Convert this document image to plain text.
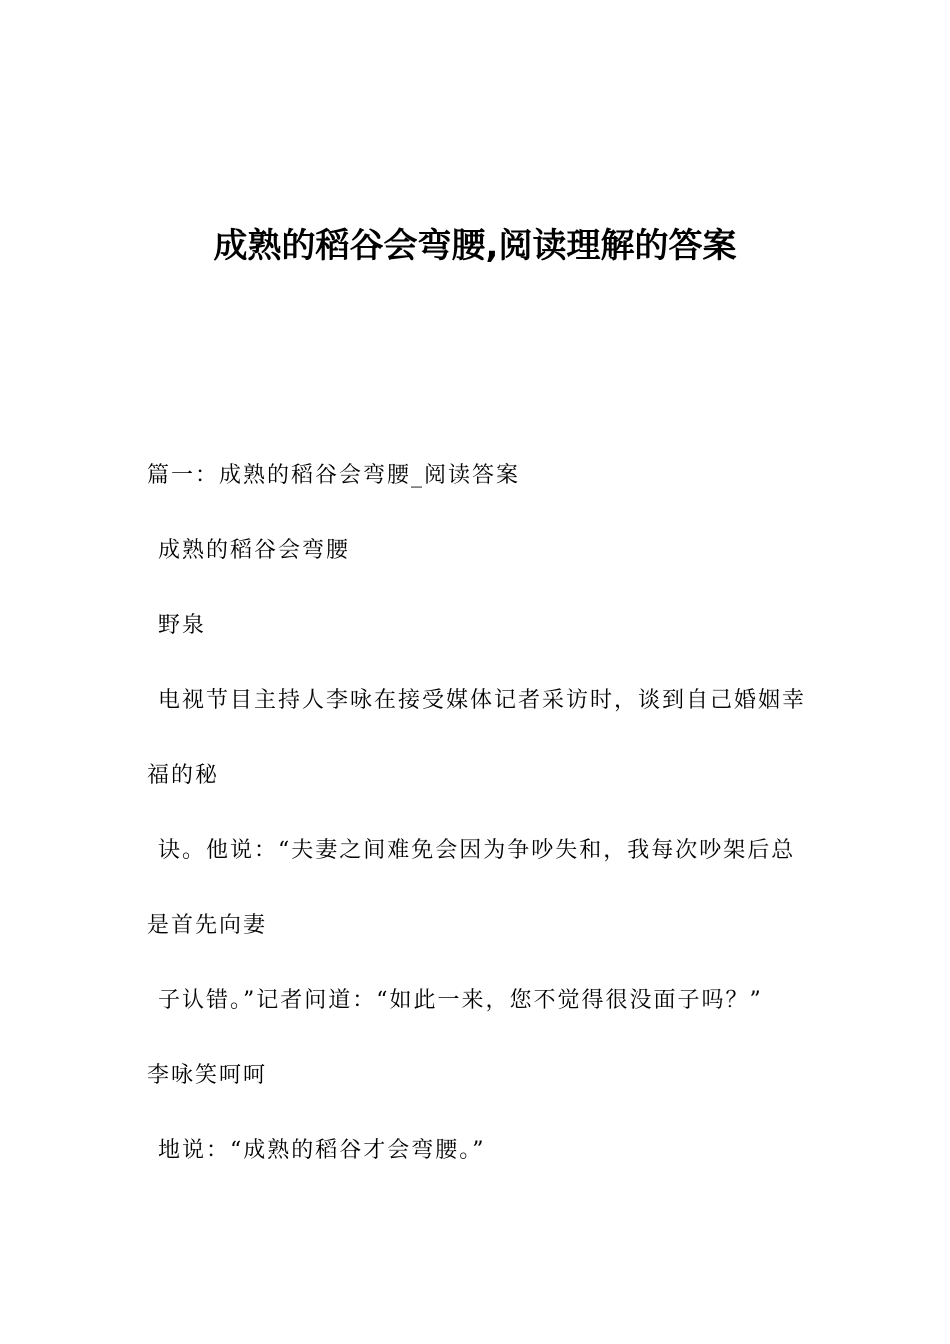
成熟的稻谷会弯腰,阅读理解的答案
篇一：成熟的稻谷会弯腰_阅读答案
成熟的稻谷会弯腰
野泉
电视节目主持人李咏在接受媒体记者采访时，谈到自己婚姻幸
福的秘
诀。他说：“夫妻之间难免会因为争吵失和，我每次吵架后总
是首先向妻
子认错。”记者问道：“如此一来，您不觉得很没面子吗？”
李咏笑呵呵
地说：“成熟的稻谷才会弯腰。”
